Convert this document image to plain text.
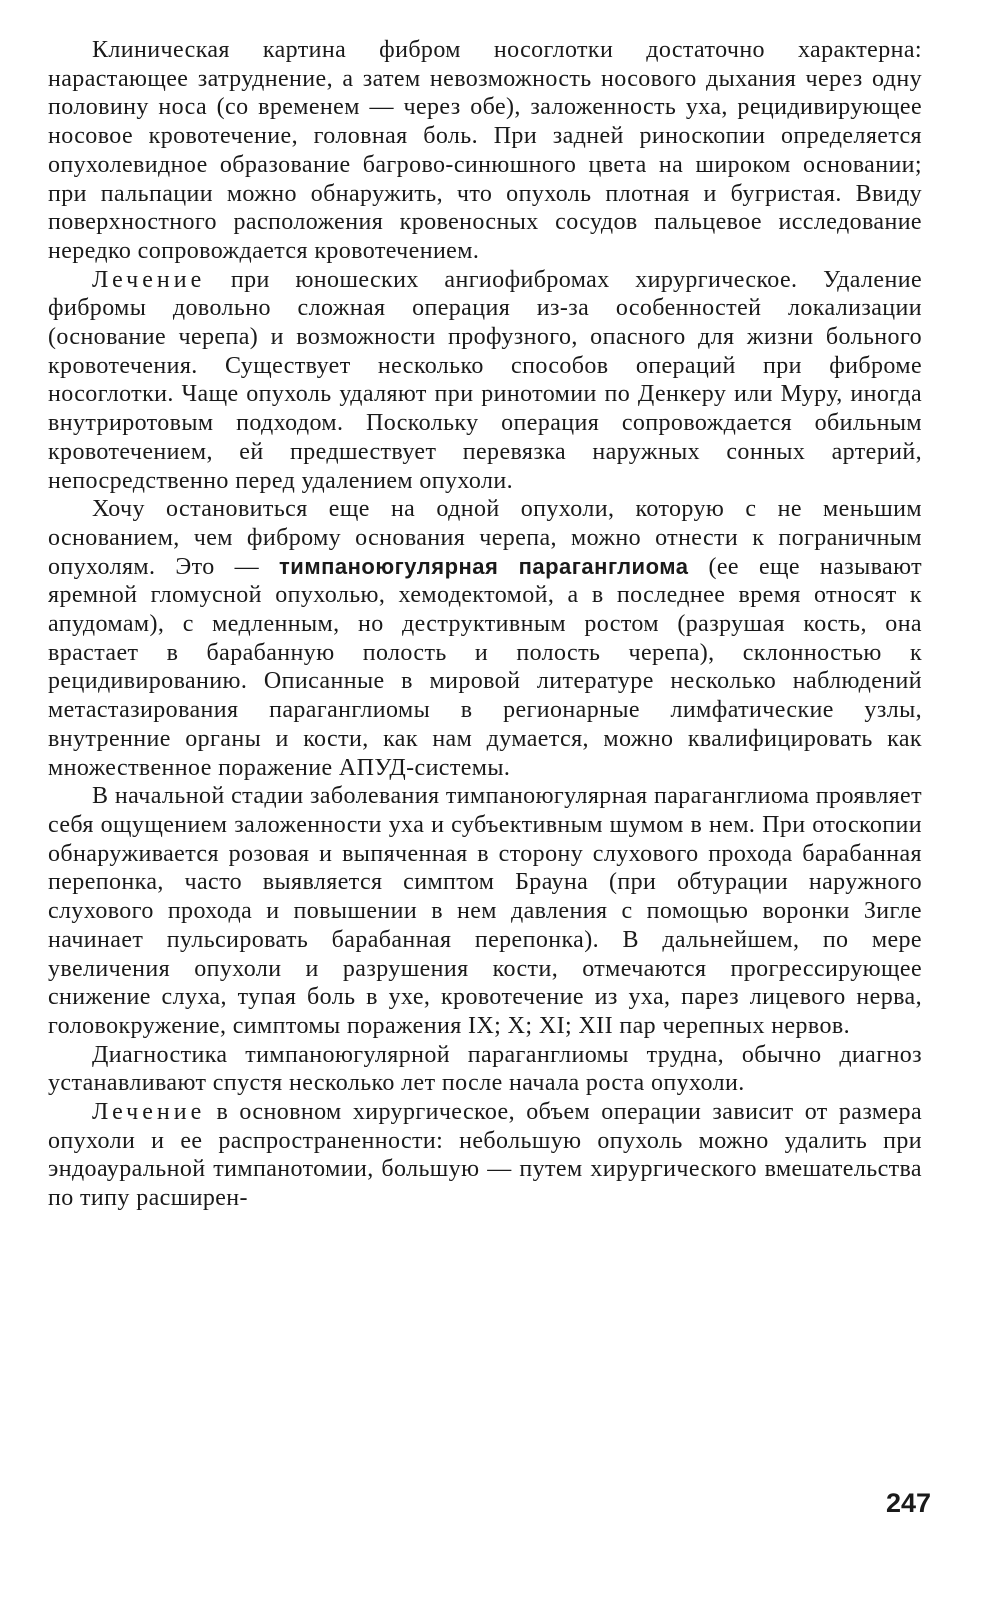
Клиническая картина фибром носоглотки достаточно характерна: нарастающее затруднение, а затем невозможность носового дыхания через одну половину носа (со временем — через обе), заложенность уха, рецидивирующее носовое кровотечение, головная боль. При задней риноскопии определяется опухолевидное образование багрово-синюшного цвета на широком основании; при пальпации можно обнаружить, что опухоль плотная и бугристая. Ввиду поверхностного расположения кровеносных сосудов пальцевое исследование нередко сопровождается кровотечением.

Лечение при юношеских ангиофибромах хирургическое. Удаление фибромы довольно сложная операция из-за особенностей локализации (основание черепа) и возможности профузного, опасного для жизни больного кровотечения. Существует несколько способов операций при фиброме носоглотки. Чаще опухоль удаляют при ринотомии по Денкеру или Муру, иногда внутриротовым подходом. Поскольку операция сопровождается обильным кровотечением, ей предшествует перевязка наружных сонных артерий, непосредственно перед удалением опухоли.

Хочу остановиться еще на одной опухоли, которую с не меньшим основанием, чем фиброму основания черепа, можно отнести к пограничным опухолям. Это — тимпаноюгулярная параганглиома (ее еще называют яремной гломусной опухолью, хемодектомой, а в последнее время относят к апудомам), с медленным, но деструктивным ростом (разрушая кость, она врастает в барабанную полость и полость черепа), склонностью к рецидивированию. Описанные в мировой литературе несколько наблюдений метастазирования параганглиомы в регионарные лимфатические узлы, внутренние органы и кости, как нам думается, можно квалифицировать как множественное поражение АПУД-системы.

В начальной стадии заболевания тимпаноюгулярная параганглиома проявляет себя ощущением заложенности уха и субъективным шумом в нем. При отоскопии обнаруживается розовая и выпяченная в сторону слухового прохода барабанная перепонка, часто выявляется симптом Брауна (при обтурации наружного слухового прохода и повышении в нем давления с помощью воронки Зигле начинает пульсировать барабанная перепонка). В дальнейшем, по мере увеличения опухоли и разрушения кости, отмечаются прогрессирующее снижение слуха, тупая боль в ухе, кровотечение из уха, парез лицевого нерва, головокружение, симптомы поражения IX; X; XI; XII пар черепных нервов.

Диагностика тимпаноюгулярной параганглиомы трудна, обычно диагноз устанавливают спустя несколько лет после начала роста опухоли.

Лечение в основном хирургическое, объем операции зависит от размера опухоли и ее распространенности: небольшую опухоль можно удалить при эндоауральной тимпанотомии, большую — путем хирургического вмешательства по типу расширен-

247
